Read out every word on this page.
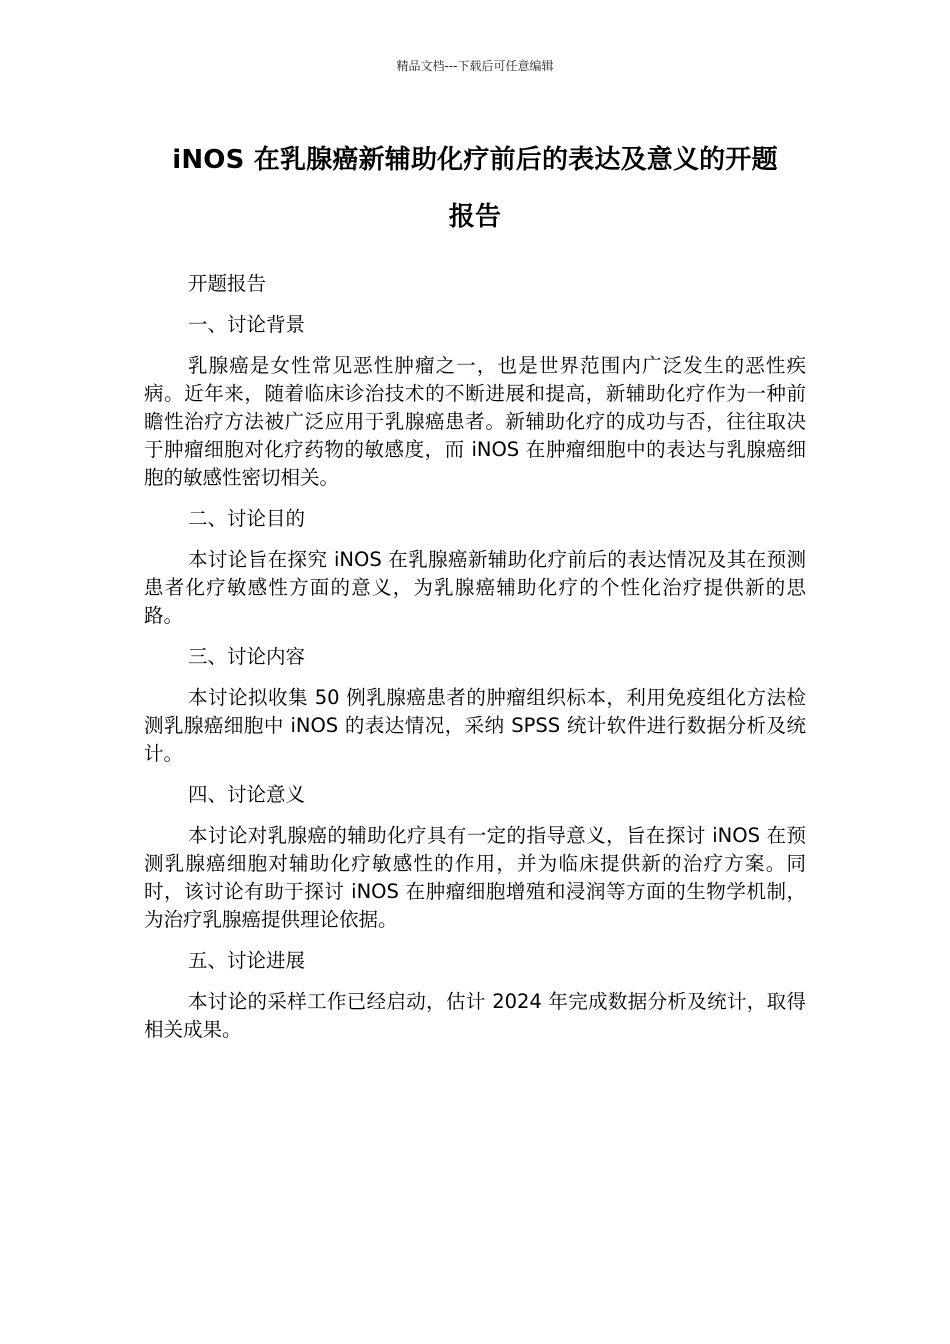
精品文档---下载后可任意编辑
iNOS 在乳腺癌新辅助化疗前后的表达及意义的开题
报告

开题报告

一、讨论背景

乳腺癌是女性常见恶性肿瘤之一，也是世界范围内广泛发生的恶性疾病。近年来，随着临床诊治技术的不断进展和提高，新辅助化疗作为一种前瞻性治疗方法被广泛应用于乳腺癌患者。新辅助化疗的成功与否，往往取决于肿瘤细胞对化疗药物的敏感度，而 iNOS 在肿瘤细胞中的表达与乳腺癌细胞的敏感性密切相关。

二、讨论目的

本讨论旨在探究 iNOS 在乳腺癌新辅助化疗前后的表达情况及其在预测患者化疗敏感性方面的意义，为乳腺癌辅助化疗的个性化治疗提供新的思路。

三、讨论内容

本讨论拟收集 50 例乳腺癌患者的肿瘤组织标本，利用免疫组化方法检测乳腺癌细胞中 iNOS 的表达情况，采纳 SPSS 统计软件进行数据分析及统计。

四、讨论意义

本讨论对乳腺癌的辅助化疗具有一定的指导意义，旨在探讨 iNOS 在预测乳腺癌细胞对辅助化疗敏感性的作用，并为临床提供新的治疗方案。同时，该讨论有助于探讨 iNOS 在肿瘤细胞增殖和浸润等方面的生物学机制，为治疗乳腺癌提供理论依据。

五、讨论进展

本讨论的采样工作已经启动，估计 2024 年完成数据分析及统计，取得相关成果。
